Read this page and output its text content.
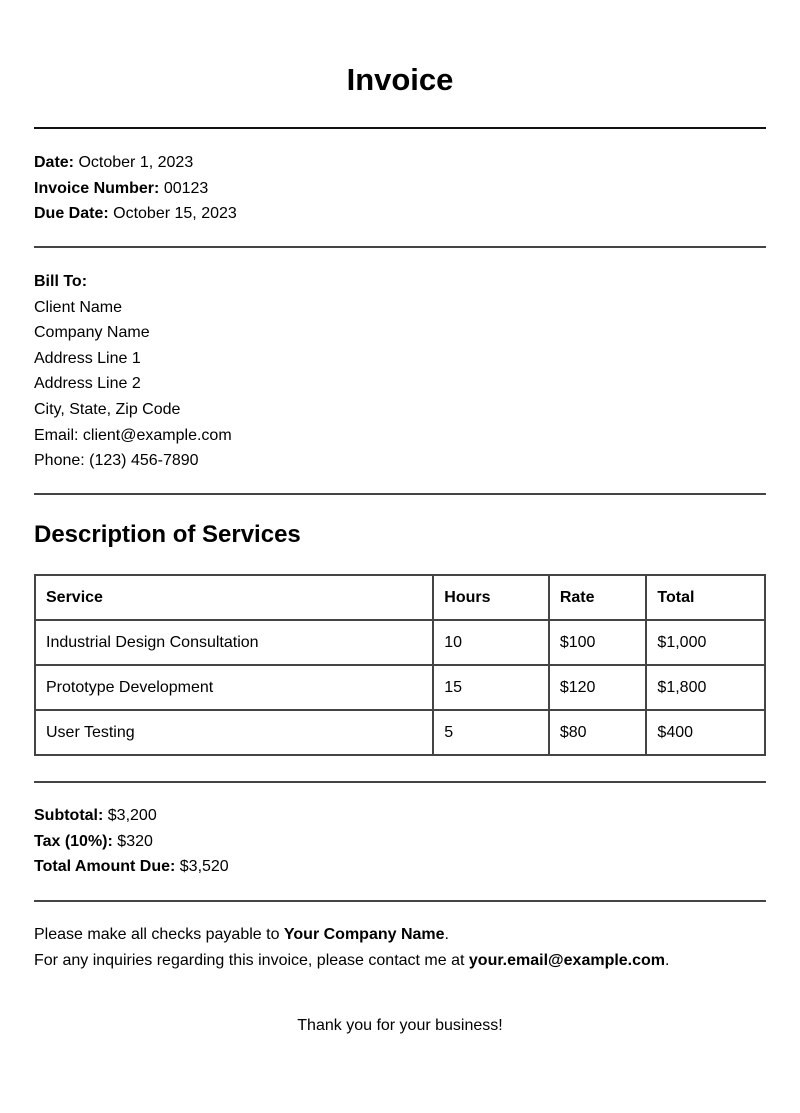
Invoice
Date: October 1, 2023
Invoice Number: 00123
Due Date: October 15, 2023
Bill To:
Client Name
Company Name
Address Line 1
Address Line 2
City, State, Zip Code
Email: client@example.com
Phone: (123) 456-7890
Description of Services
Service	Hours	Rate	Total
Industrial Design Consultation	10	$100	$1,000
Prototype Development	15	$120	$1,800
User Testing	5	$80	$400
Subtotal: $3,200
Tax (10%): $320
Total Amount Due: $3,520
Please make all checks payable to Your Company Name.
For any inquiries regarding this invoice, please contact me at your.email@example.com.
Thank you for your business!
